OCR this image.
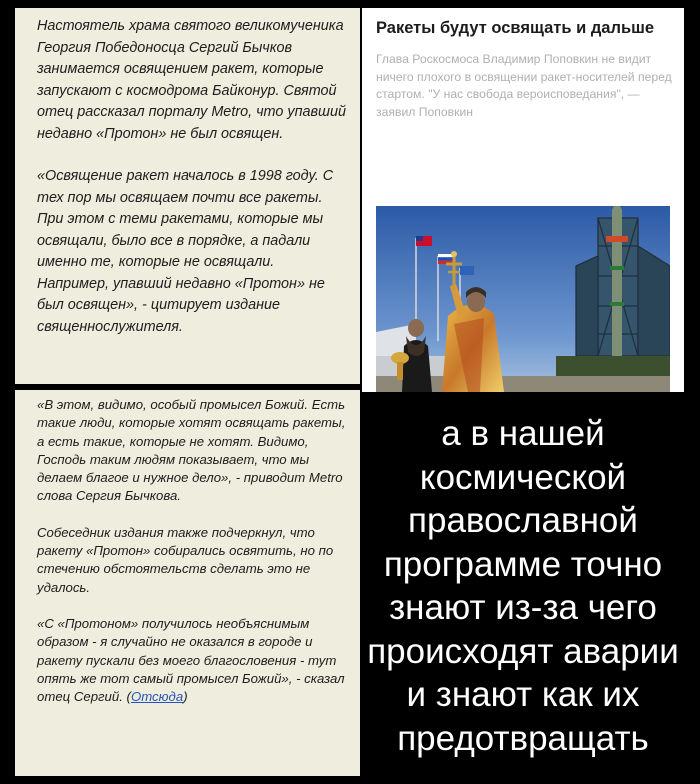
Настоятель храма святого великомученика Георгия Победоносца Сергий Бычков занимается освящением ракет, которые запускают с космодрома Байконур. Святой отец рассказал порталу Metro, что упавший недавно «Протон» не был освящен.

«Освящение ракет началось в 1998 году. С тех пор мы освящаем почти все ракеты. При этом с теми ракетами, которые мы освящали, было все в порядке, а падали именно те, которые не освящали. Например, упавший недавно «Протон» не был освящен», - цитирует издание священнослужителя.

«В этом, видимо, особый промысел Божий. Есть такие люди, которые хотят освящать ракеты, а есть такие, которые не хотят. Видимо, Господь таким людям показывает, что мы делаем благое и нужное дело», - приводит Metro слова Сергия Бычкова.

Собеседник издания также подчеркнул, что ракету «Протон» собирались освятить, но по стечению обстоятельств сделать это не удалось.

«С «Протоном» получилось необъяснимым образом - я случайно не оказался в городе и ракету пускали без моего благословения - тут опять же тот самый промысел Божий», - сказал отец Сергий. (Отсюда)

Ракеты будут освящать и дальше

Глава Роскосмоса Владимир Поповкин не видит ничего плохого в освящении ракет-носителей перед стартом. "У нас свобода вероисповедания", — заявил Поповкин

а в нашей
космической
православной
программе точно
знают из-за чего
происходят аварии
и знают как их
предотвращать
